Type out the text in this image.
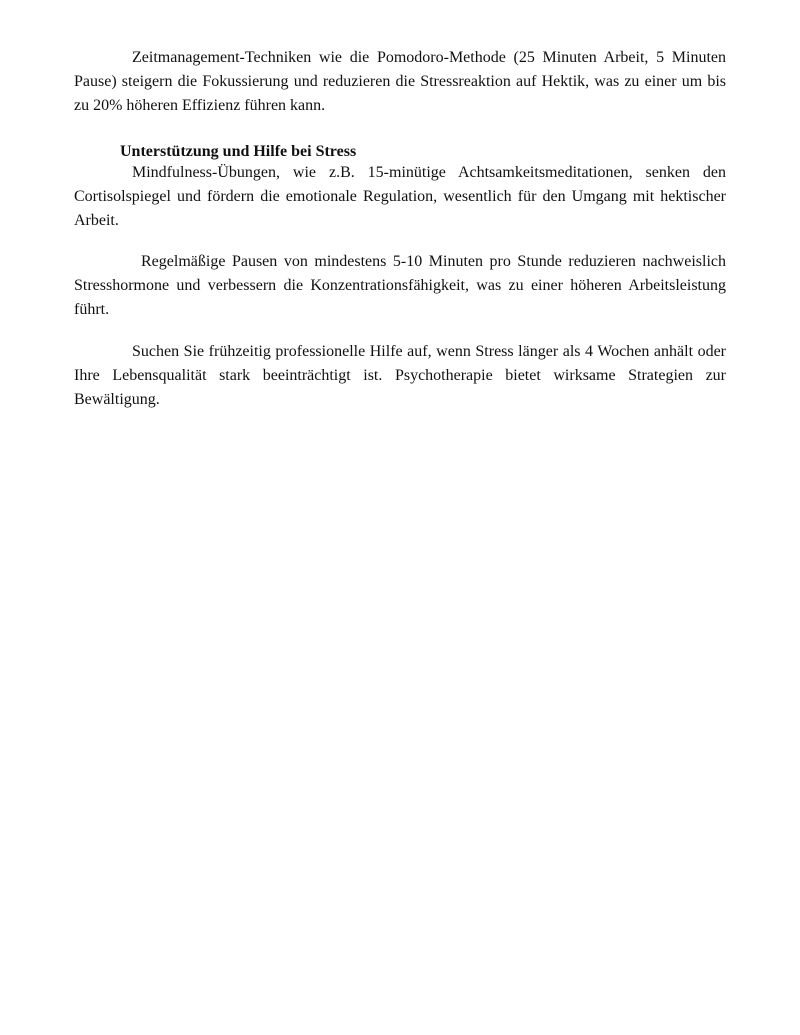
Zeitmanagement-Techniken wie die Pomodoro-Methode (25 Minuten Arbeit, 5 Minuten Pause) steigern die Fokussierung und reduzieren die Stressreaktion auf Hektik, was zu einer um bis zu 20% höheren Effizienz führen kann.

Unterstützung und Hilfe bei Stress

Mindfulness-Übungen, wie z.B. 15-minütige Achtsamkeitsmeditationen, senken den Cortisolspiegel und fördern die emotionale Regulation, wesentlich für den Umgang mit hektischer Arbeit.

Regelmäßige Pausen von mindestens 5-10 Minuten pro Stunde reduzieren nachweislich Stresshormone und verbessern die Konzentrationsfähigkeit, was zu einer höheren Arbeitsleistung führt.

Suchen Sie frühzeitig professionelle Hilfe auf, wenn Stress länger als 4 Wochen anhält oder Ihre Lebensqualität stark beeinträchtigt ist. Psychotherapie bietet wirksame Strategien zur Bewältigung.
